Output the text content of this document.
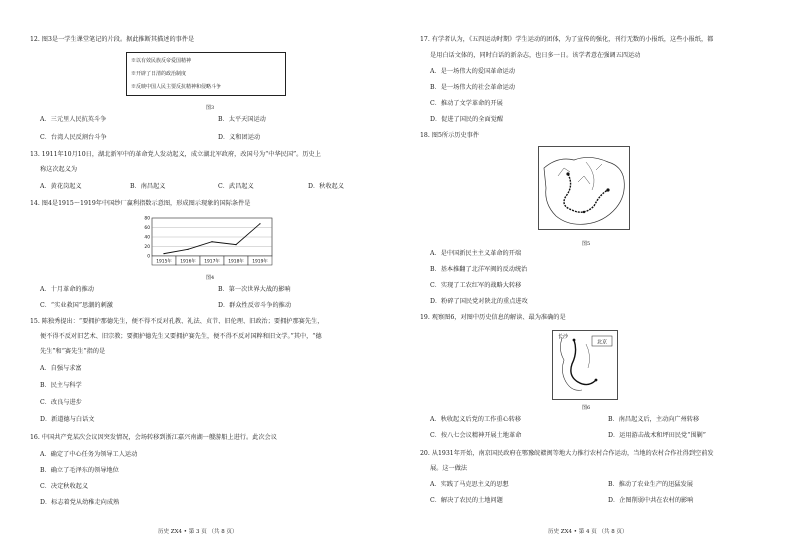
12. 图3是一学生课堂笔记的片段。据此推断其描述的事件是
※以有效民族反帝爱国精神
※开辟了日清的政治制度
※反映中国人民主要反抗精神和侵略斗争
图3
A．三元里人民抗英斗争	B．太平天国运动
C．台湾人民反割台斗争	D．义和团运动
13. 1911年10月10日，湖北新军中的革命党人发动起义，成立湖北军政府，改国号为“中华民国”。历史上
称这次起义为
A．黄花岗起义	B．南昌起义	C．武昌起义	D．秋收起义
14. 图4是1915～1919年中国纱厂赢利指数示意图，形成图示现象的国际条件是
80
60
40
20
0
1915年 1916年 1917年 1918年 1919年
图4
A．十月革命的推动	B．第一次世界大战的影响
C．“实业救国”思潮的刺激	D．群众性反帝斗争的推动
15. 陈独秀提出：“要拥护那德先生，便不得不反对孔教、礼法、贞节、旧伦理、旧政治；要拥护那赛先生，
便不得不反对旧艺术、旧宗教；要拥护德先生又要拥护赛先生，便不得不反对国粹和旧文学。”其中，“德
先生”和“赛先生”指的是
A．自强与求富
B．民主与科学
C．改良与进步
D．新道德与白话文
16. 中国共产党某次会议因突发情况，会场转移到浙江嘉兴南湖一艘游船上进行。此次会议
A．确定了中心任务为领导工人运动
B．确立了毛泽东的领导地位
C．决定秋收起义
D．标志着党从幼稚走向成熟
历史 ZX4 • 第 3 页 （共 8 页）
17. 有学者认为，《五四运动时期》学生运动的团体，为了宣传的强化，刊行无数的小报纸，这些小报纸，都
是用白话文体的，同时白话的新杂志，也日多一日。该学者意在强调五四运动
A．是一场伟大的爱国革命运动
B．是一场伟大的社会革命运动
C．推动了文学革命的开展
D．促进了国民的全面觉醒
18. 图5所示历史事件
图5
A．是中国新民主主义革命的开端
B．基本推翻了北洋军阀的反动统治
C．实现了工农红军的战略大转移
D．粉碎了国民党对陕北的重点进攻
19. 观察图6，对图中历史信息的解读、最为准确的是
北京
长沙
图6
A．秋收起义后党的工作重心转移	B．南昌起义后，主动向广州转移
C．按八七会议精神开展土地革命	D．运用游击战术和坪田民党“围剿”
20. 从1931年开始，南京国民政府在鄂豫皖赣闽等地大力推行农村合作运动，当地的农村合作社得到空前发
展。这一做法
A．实践了马克思主义的思想	B．推动了农业生产的迅猛发展
C．解决了农民的土地问题	D．企图削弱中共在农村的影响
历史 ZX4 • 第 4 页 （共 8 页）
